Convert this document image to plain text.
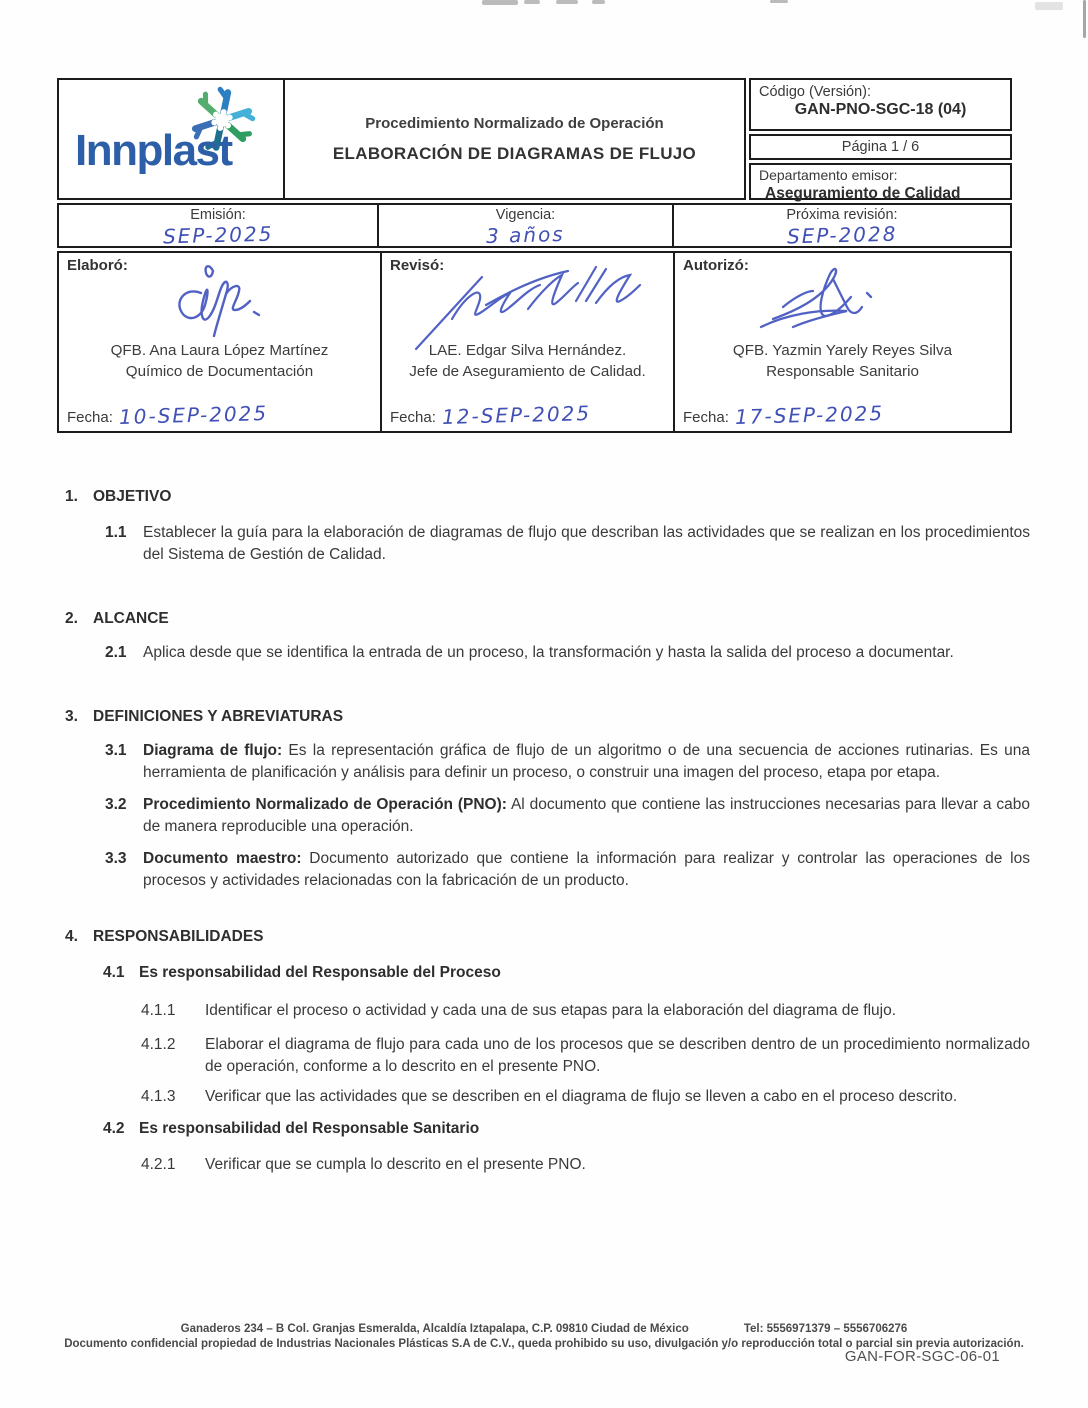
Innplast
Procedimiento Normalizado de Operación
ELABORACIÓN DE DIAGRAMAS DE FLUJO
Código (Versión):
GAN-PNO-SGC-18 (04)
Página 1 / 6
Departamento emisor:
Aseguramiento de Calidad
Emisión:
SEP-2025
Vigencia:
3 años
Próxima revisión:
SEP-2028
Elaboró:
QFB. Ana Laura López Martínez
Químico de Documentación
Fecha: 10-SEP-2025
Revisó:
LAE. Edgar Silva Hernández.
Jefe de Aseguramiento de Calidad.
Fecha: 12-SEP-2025
Autorizó:
QFB. Yazmin Yarely Reyes Silva
Responsable Sanitario
Fecha: 17-SEP-2025
1. OBJETIVO
1.1	Establecer la guía para la elaboración de diagramas de flujo que describan las actividades que se realizan en los procedimientos del Sistema de Gestión de Calidad.
2. ALCANCE
2.1	Aplica desde que se identifica la entrada de un proceso, la transformación y hasta la salida del proceso a documentar.
3. DEFINICIONES Y ABREVIATURAS
3.1	Diagrama de flujo: Es la representación gráfica de flujo de un algoritmo o de una secuencia de acciones rutinarias. Es una herramienta de planificación y análisis para definir un proceso, o construir una imagen del proceso, etapa por etapa.
3.2	Procedimiento Normalizado de Operación (PNO): Al documento que contiene las instrucciones necesarias para llevar a cabo de manera reproducible una operación.
3.3	Documento maestro: Documento autorizado que contiene la información para realizar y controlar las operaciones de los procesos y actividades relacionadas con la fabricación de un producto.
4. RESPONSABILIDADES
4.1 Es responsabilidad del Responsable del Proceso
4.1.1	Identificar el proceso o actividad y cada una de sus etapas para la elaboración del diagrama de flujo.
4.1.2	Elaborar el diagrama de flujo para cada uno de los procesos que se describen dentro de un procedimiento normalizado de operación, conforme a lo descrito en el presente PNO.
4.1.3	Verificar que las actividades que se describen en el diagrama de flujo se lleven a cabo en el proceso descrito.
4.2 Es responsabilidad del Responsable Sanitario
4.2.1	Verificar que se cumpla lo descrito en el presente PNO.
Ganaderos 234 – B Col. Granjas Esmeralda, Alcaldía Iztapalapa, C.P. 09810 Ciudad de México	Tel: 5556971379 – 5556706276
Documento confidencial propiedad de Industrias Nacionales Plásticas S.A de C.V., queda prohibido su uso, divulgación y/o reproducción total o parcial sin previa autorización.
GAN-FOR-SGC-06-01
